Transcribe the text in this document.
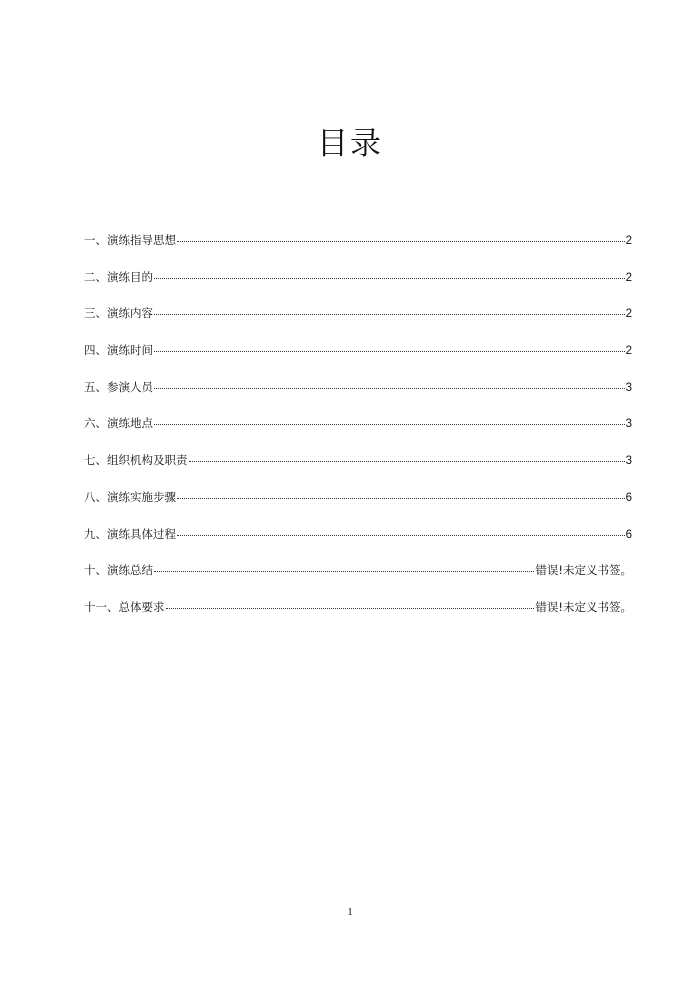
目录
一、演练指导思想	2
二、演练目的	2
三、演练内容	2
四、演练时间	2
五、参演人员	3
六、演练地点	3
七、组织机构及职责	3
八、演练实施步骤	6
九、演练具体过程	6
十、演练总结	错误!未定义书签。
十一、总体要求	错误!未定义书签。
1
